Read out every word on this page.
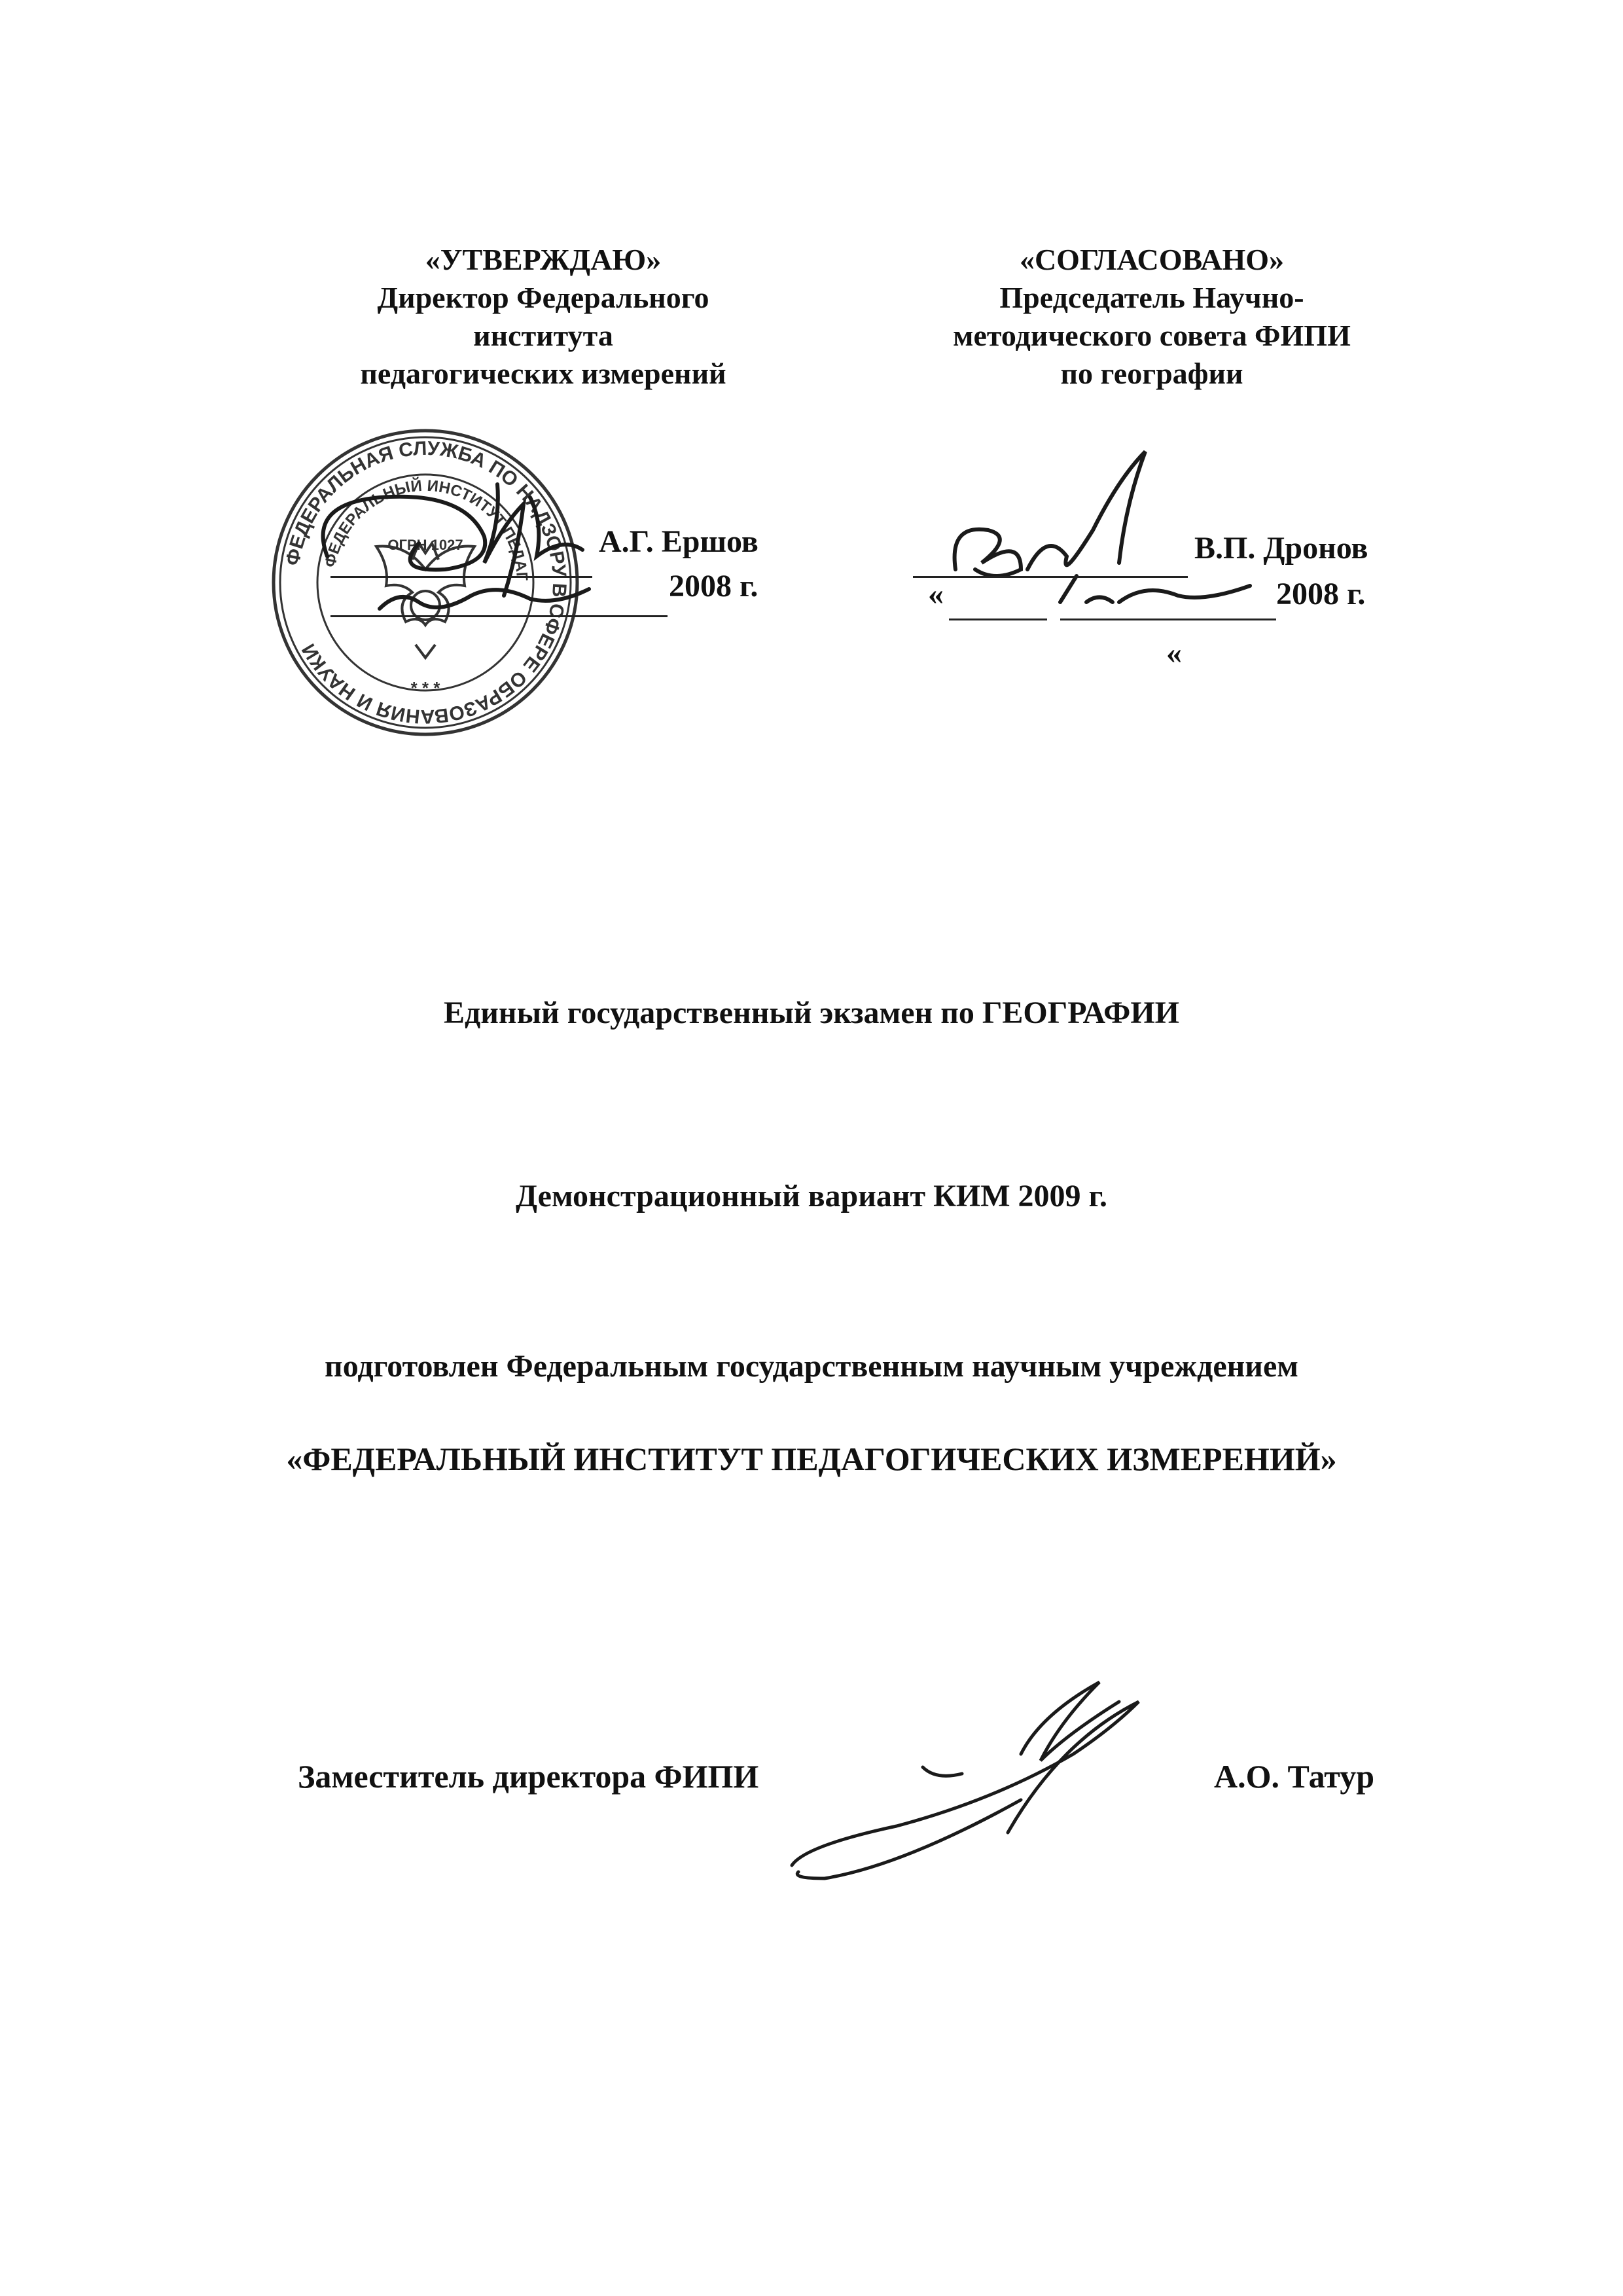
«УТВЕРЖДАЮ»
Директор Федерального
института
педагогических измерений
ФЕДЕРАЛЬНАЯ СЛУЖБА ПО НАДЗОРУ В СФЕРЕ ОБРАЗОВАНИЯ И НАУКИ
ФЕДЕРАЛЬНЫЙ ИНСТИТУТ ПЕДАГОГИЧЕСКИХ
ОГРН 1027
* * *
А.Г. Ершов
2008 г.
«СОГЛАСОВАНО»
Председатель Научно-
методического совета ФИПИ
по географии
В.П. Дронов
«	2008 г.
«
Единый государственный экзамен по ГЕОГРАФИИ
Демонстрационный вариант КИМ 2009 г.
подготовлен Федеральным государственным научным учреждением
«ФЕДЕРАЛЬНЫЙ ИНСТИТУТ ПЕДАГОГИЧЕСКИХ ИЗМЕРЕНИЙ»
Заместитель директора ФИПИ	А.О. Татур
